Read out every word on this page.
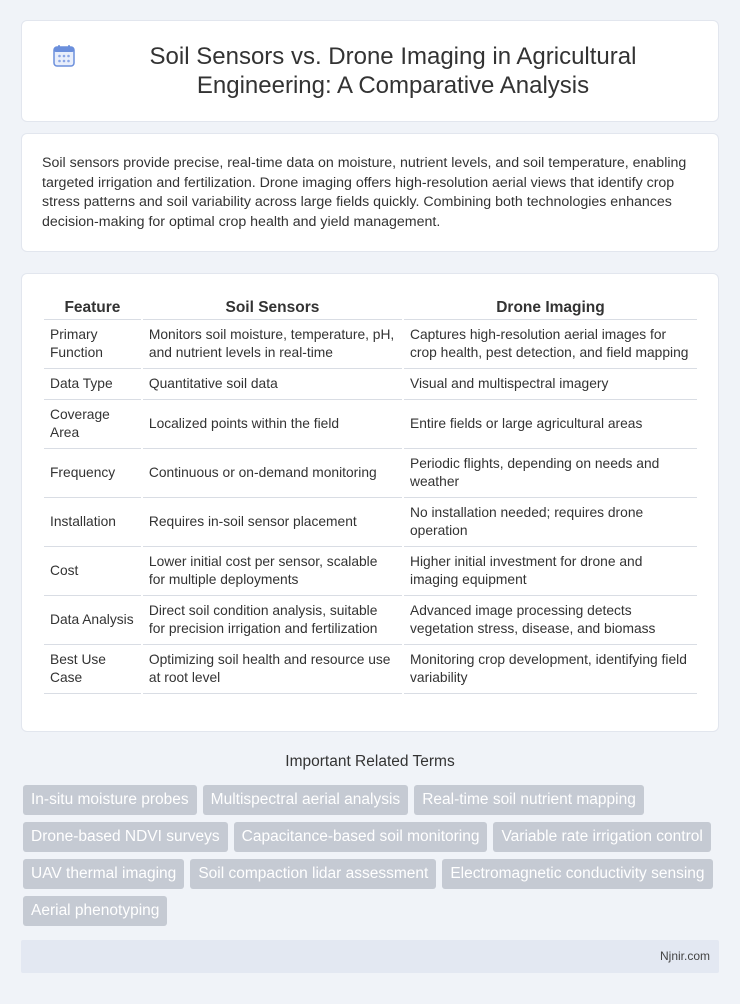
Soil Sensors vs. Drone Imaging in Agricultural Engineering: A Comparative Analysis

Soil sensors provide precise, real-time data on moisture, nutrient levels, and soil temperature, enabling targeted irrigation and fertilization. Drone imaging offers high-resolution aerial views that identify crop stress patterns and soil variability across large fields quickly. Combining both technologies enhances decision-making for optimal crop health and yield management.

Feature	Soil Sensors	Drone Imaging
Primary Function	Monitors soil moisture, temperature, pH, and nutrient levels in real-time	Captures high-resolution aerial images for crop health, pest detection, and field mapping
Data Type	Quantitative soil data	Visual and multispectral imagery
Coverage Area	Localized points within the field	Entire fields or large agricultural areas
Frequency	Continuous or on-demand monitoring	Periodic flights, depending on needs and weather
Installation	Requires in-soil sensor placement	No installation needed; requires drone operation
Cost	Lower initial cost per sensor, scalable for multiple deployments	Higher initial investment for drone and imaging equipment
Data Analysis	Direct soil condition analysis, suitable for precision irrigation and fertilization	Advanced image processing detects vegetation stress, disease, and biomass
Best Use Case	Optimizing soil health and resource use at root level	Monitoring crop development, identifying field variability
Important Related Terms
In-situ moisture probes	Multispectral aerial analysis	Real-time soil nutrient mapping
Drone-based NDVI surveys	Capacitance-based soil monitoring	Variable rate irrigation control
UAV thermal imaging	Soil compaction lidar assessment	Electromagnetic conductivity sensing
Aerial phenotyping
Njnir.com
